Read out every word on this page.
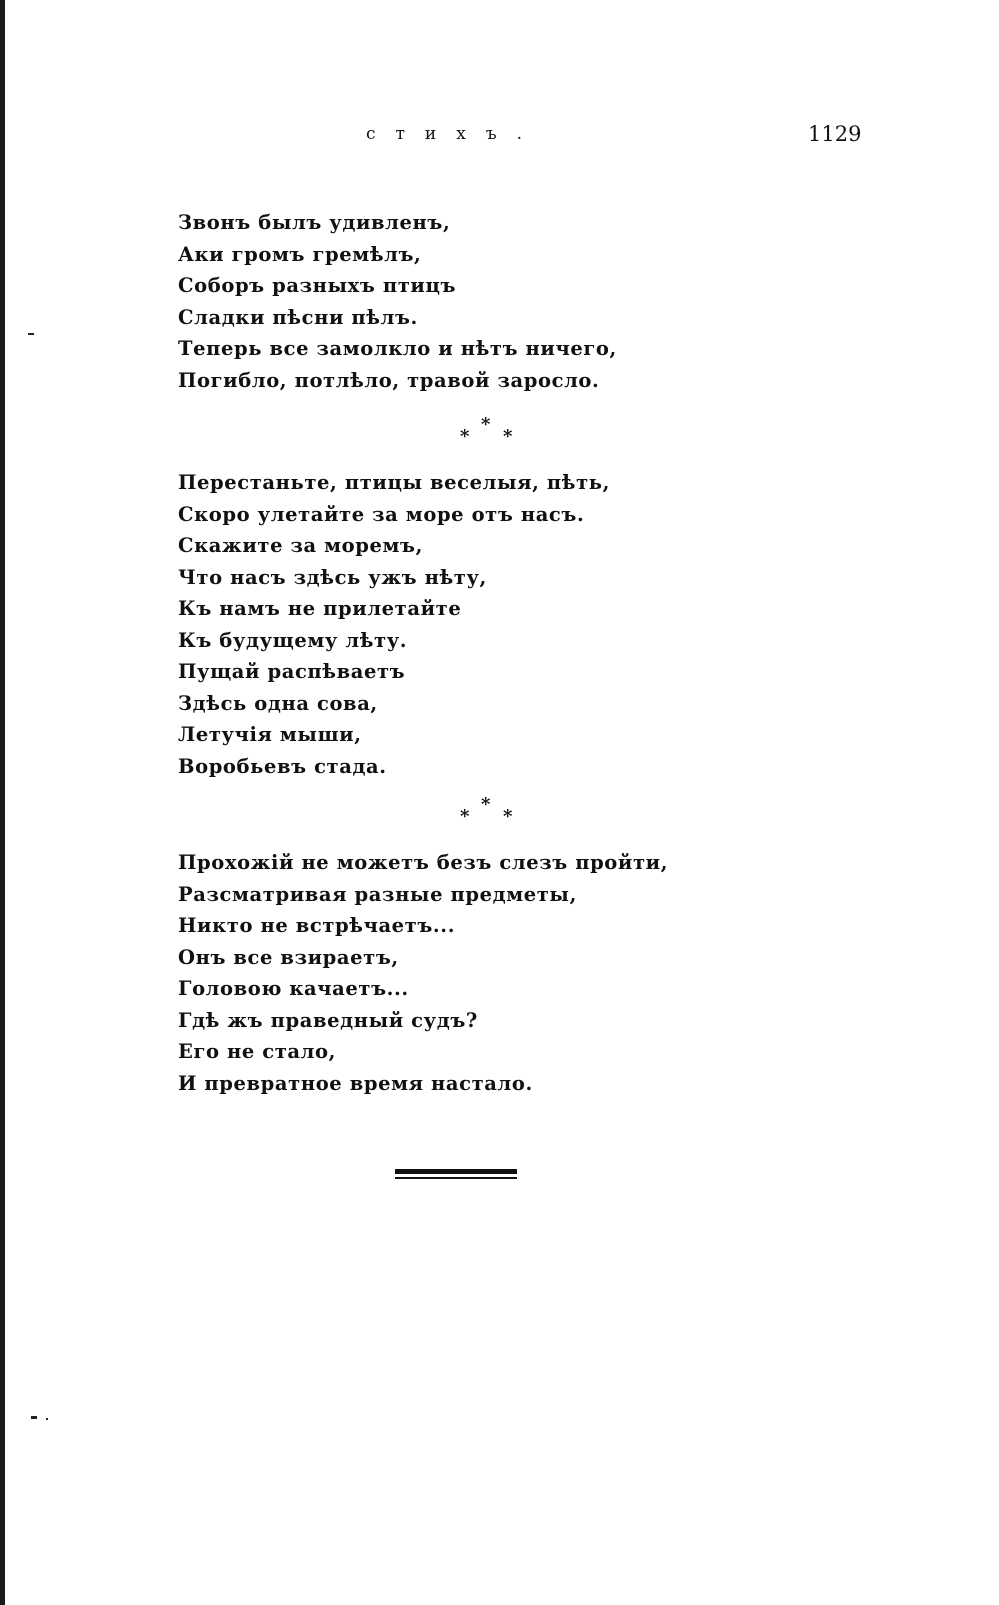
стихъ.	1129
Звонъ былъ удивленъ,
Аки громъ гремѣлъ,
Соборъ разныхъ птицъ
Сладки пѣсни пѣлъ.
Теперь все замолкло и нѣтъ ничего,
Погибло, потлѣло, травой заросло.
*
*
*
Перестаньте, птицы веселыя, пѣть,
Скоро улетайте за море отъ насъ.
Скажите за моремъ,
Что насъ здѣсь ужъ нѣту,
Къ намъ не прилетайте
Къ будущему лѣту.
Пущай распѣваетъ
Здѣсь одна сова,
Летучія мыши,
Воробьевъ стада.
*
*
*
Прохожій не можетъ безъ слезъ пройти,
Разсматривая разные предметы,
Никто не встрѣчаетъ...
Онъ все взираетъ,
Головою качаетъ...
Гдѣ жъ праведный судъ?
Его не стало,
И превратное время настало.
